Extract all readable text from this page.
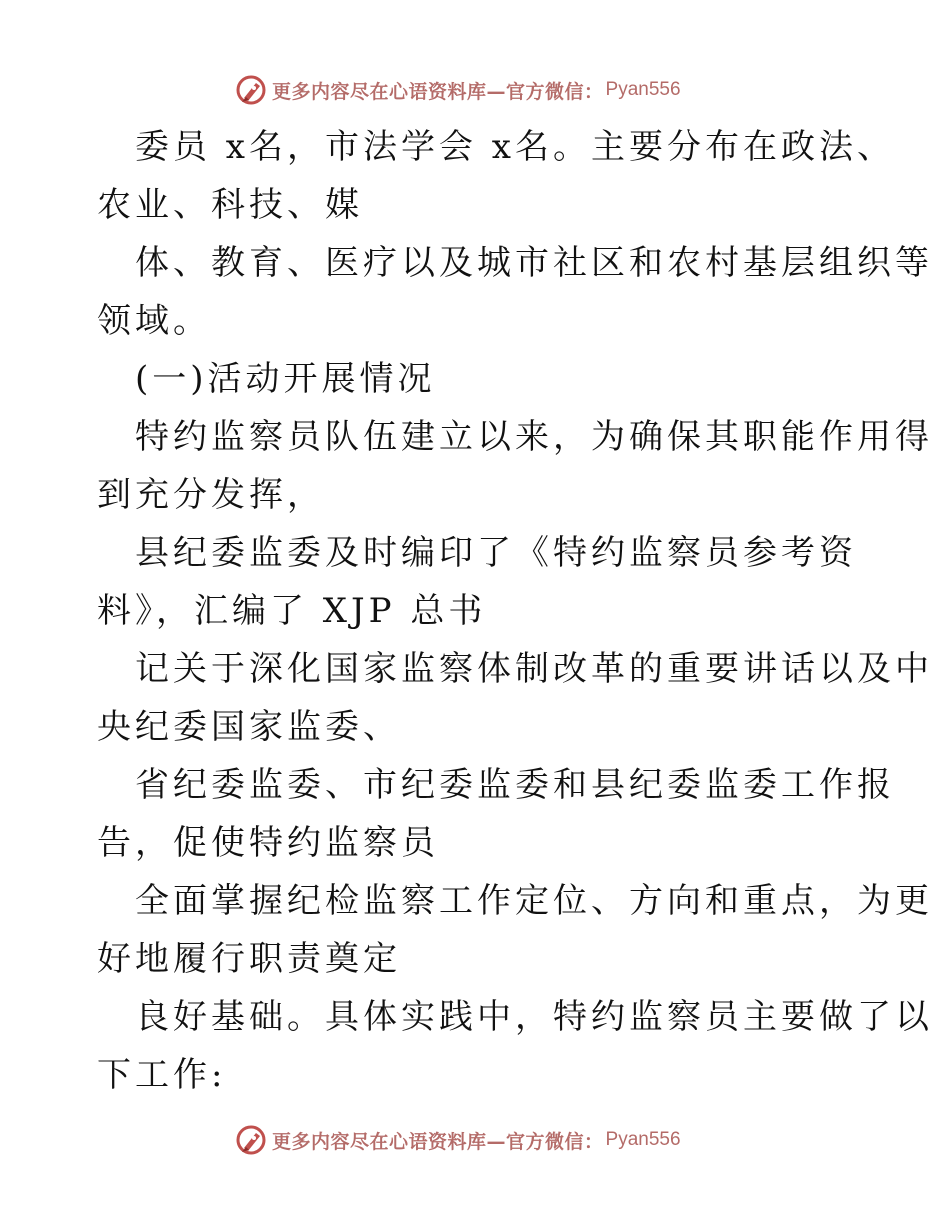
更多内容尽在心语资料库—官方微信： Pyan556
委员 x名，市法学会 x名。主要分布在政法、
农业、科技、媒
体、教育、医疗以及城市社区和农村基层组织等
领域。
(一)活动开展情况
特约监察员队伍建立以来，为确保其职能作用得
到充分发挥，
县纪委监委及时编印了《特约监察员参考资
料》，汇编了 XJP 总书
记关于深化国家监察体制改革的重要讲话以及中
央纪委国家监委、
省纪委监委、市纪委监委和县纪委监委工作报
告，促使特约监察员
全面掌握纪检监察工作定位、方向和重点，为更
好地履行职责奠定
良好基础。具体实践中，特约监察员主要做了以
下工作:
更多内容尽在心语资料库—官方微信： Pyan556
